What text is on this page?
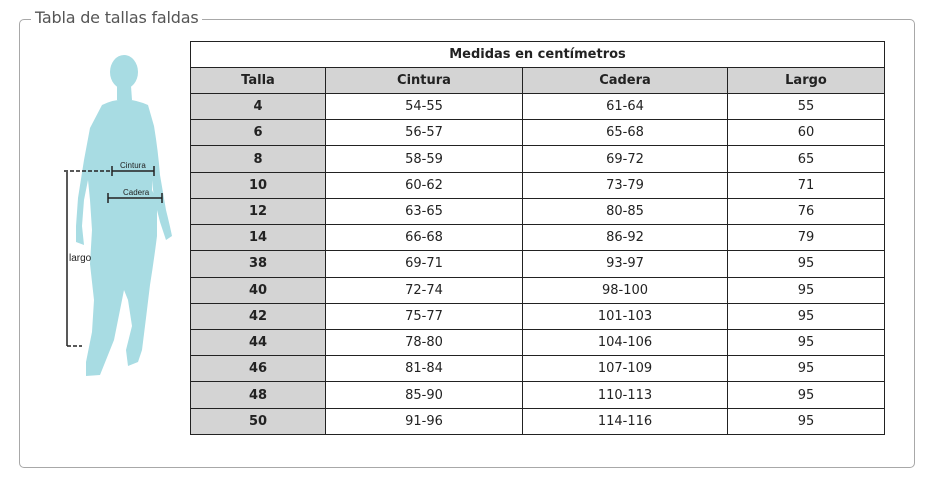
Tabla de tallas faldas
Cintura
Cadera
largo
Medidas en centímetros			
Talla	Cintura	Cadera	Largo
4	54-55	61-64	55
6	56-57	65-68	60
8	58-59	69-72	65
10	60-62	73-79	71
12	63-65	80-85	76
14	66-68	86-92	79
38	69-71	93-97	95
40	72-74	98-100	95
42	75-77	101-103	95
44	78-80	104-106	95
46	81-84	107-109	95
48	85-90	110-113	95
50	91-96	114-116	95
